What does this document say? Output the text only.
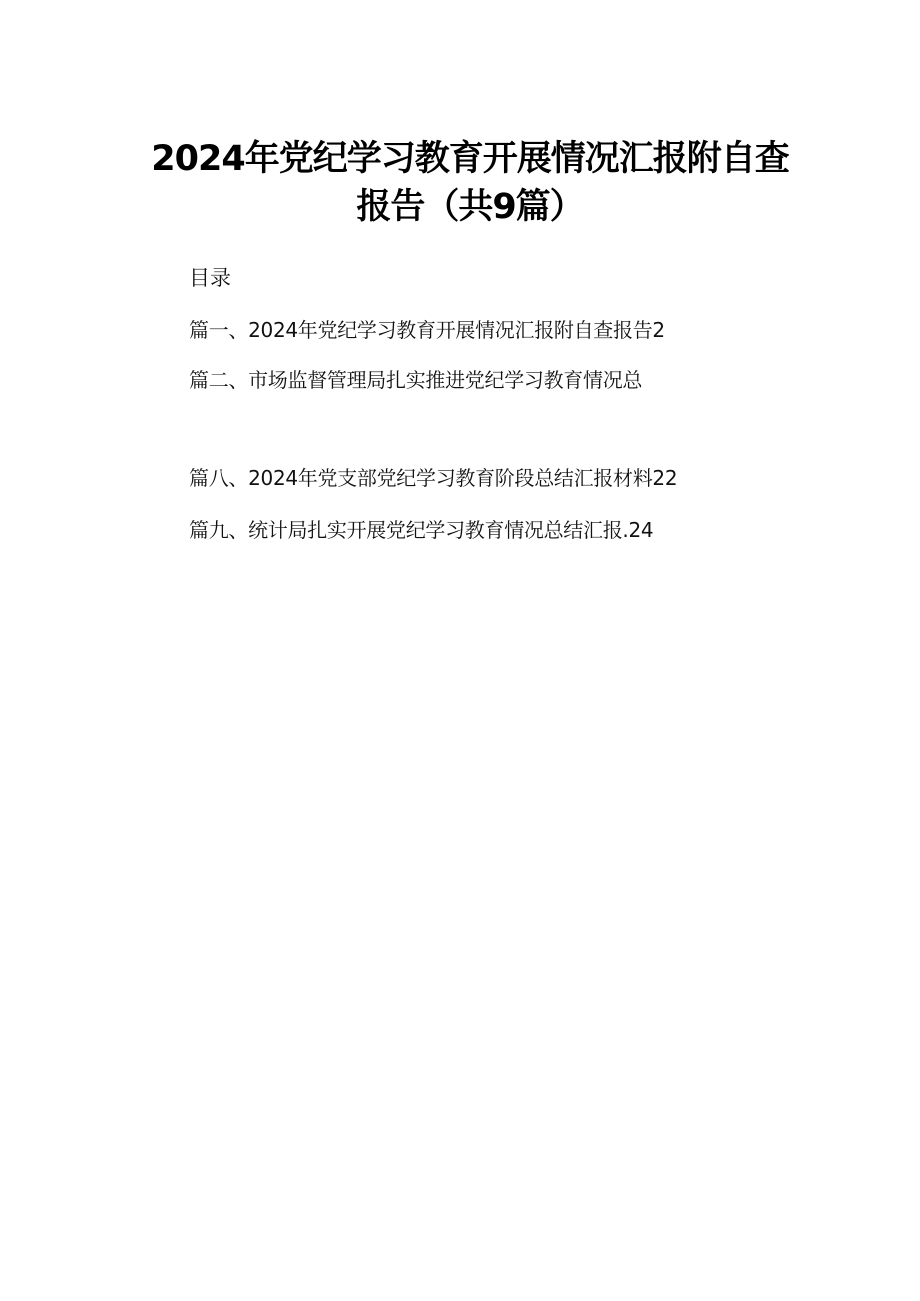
2024年党纪学习教育开展情况汇报附自查
报告（共9篇）
目录
篇一、2024年党纪学习教育开展情况汇报附自查报告2
篇二、市场监督管理局扎实推进党纪学习教育情况总
篇八、2024年党支部党纪学习教育阶段总结汇报材料22
篇九、统计局扎实开展党纪学习教育情况总结汇报.24
